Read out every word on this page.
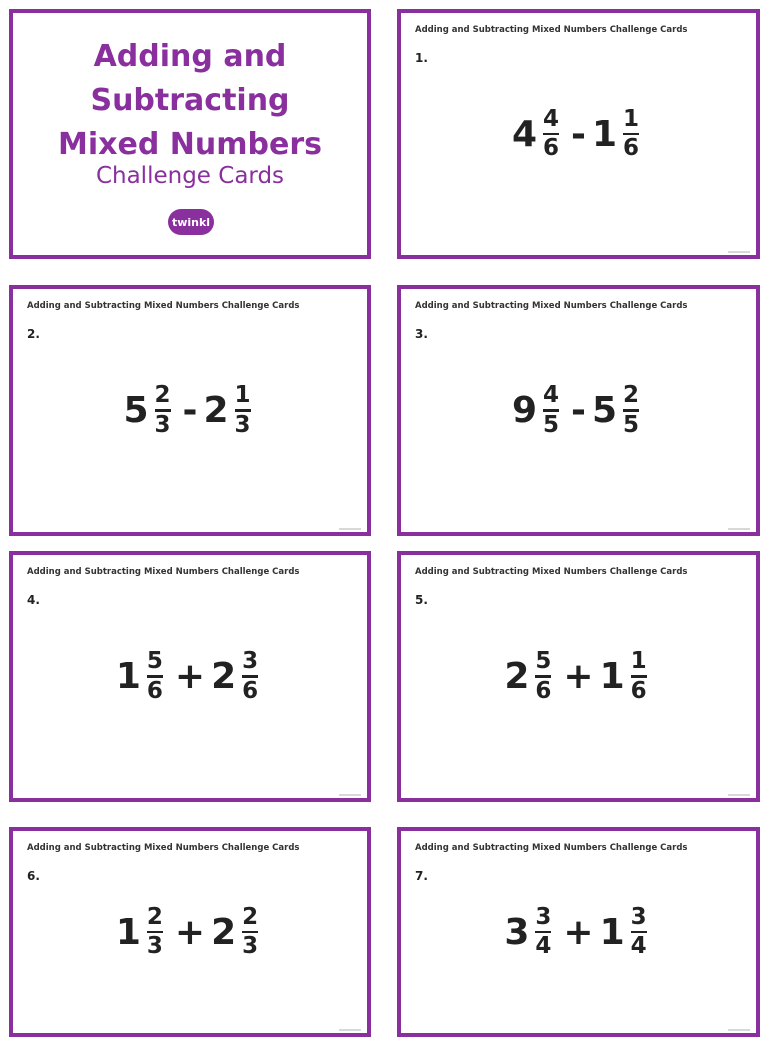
Adding and
Subtracting
Mixed Numbers
Challenge Cards
twinkl
Adding and Subtracting Mixed Numbers Challenge Cards
1.
$4 \frac{4}{6} - 1 \frac{1}{6}$
Adding and Subtracting Mixed Numbers Challenge Cards
2.
$5 \frac{2}{3} - 2 \frac{1}{3}$
Adding and Subtracting Mixed Numbers Challenge Cards
3.
$9 \frac{4}{5} - 5 \frac{2}{5}$
Adding and Subtracting Mixed Numbers Challenge Cards
4.
$1 \frac{5}{6} + 2 \frac{3}{6}$
Adding and Subtracting Mixed Numbers Challenge Cards
5.
$2 \frac{5}{6} + 1 \frac{1}{6}$
Adding and Subtracting Mixed Numbers Challenge Cards
6.
$1 \frac{2}{3} + 2 \frac{2}{3}$
Adding and Subtracting Mixed Numbers Challenge Cards
7.
$3 \frac{3}{4} + 1 \frac{3}{4}$
